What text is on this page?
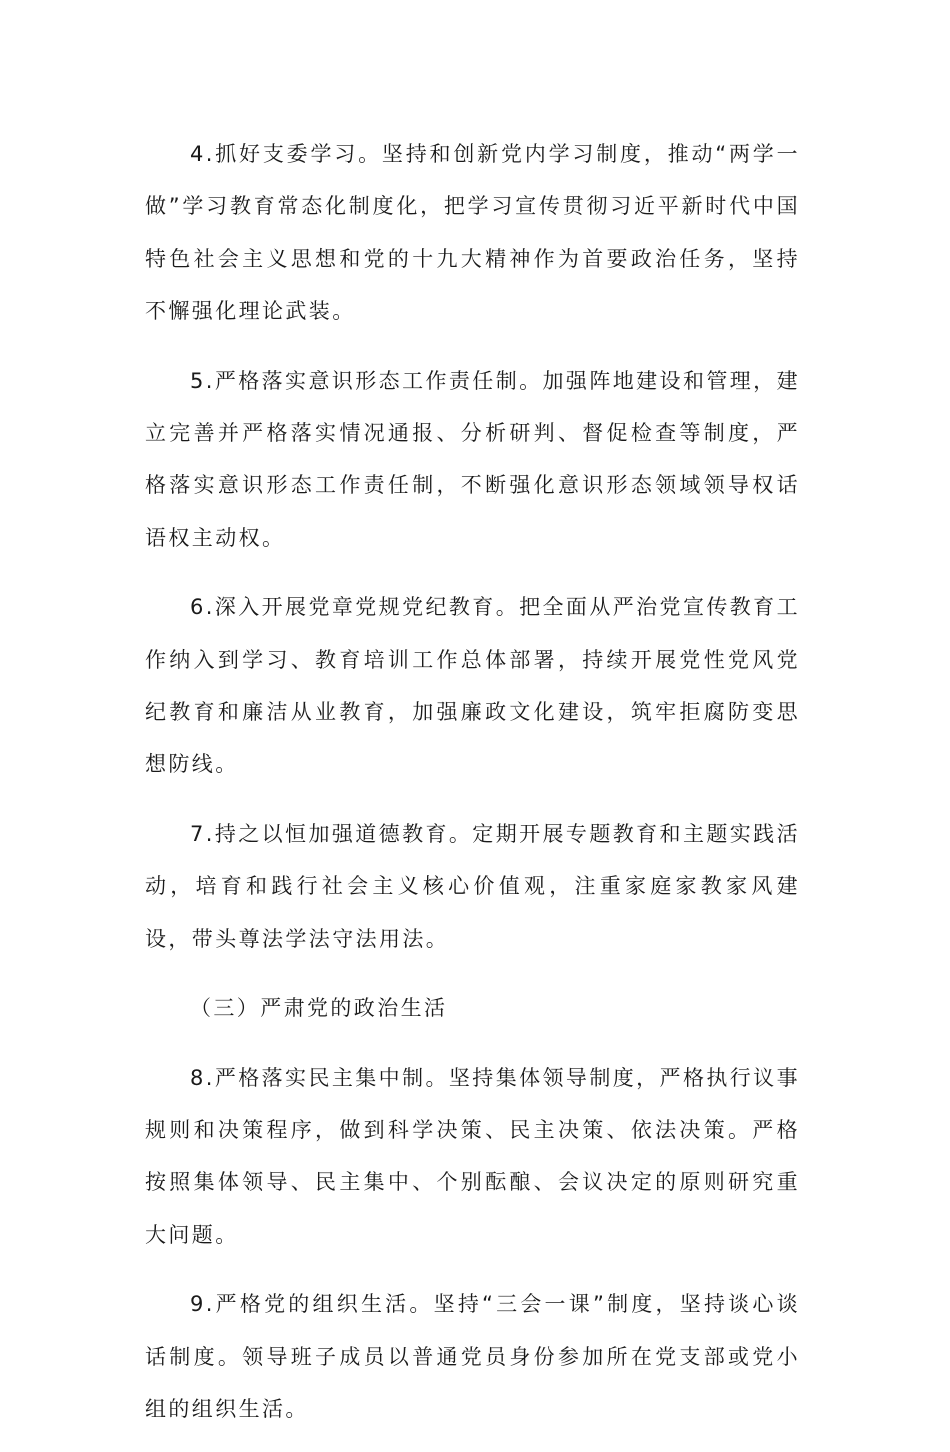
4.抓好支委学习。坚持和创新党内学习制度，推动“两学一做”学习教育常态化制度化，把学习宣传贯彻习近平新时代中国特色社会主义思想和党的十九大精神作为首要政治任务，坚持不懈强化理论武装。

5.严格落实意识形态工作责任制。加强阵地建设和管理，建立完善并严格落实情况通报、分析研判、督促检查等制度，严格落实意识形态工作责任制，不断强化意识形态领域领导权话语权主动权。

6.深入开展党章党规党纪教育。把全面从严治党宣传教育工作纳入到学习、教育培训工作总体部署，持续开展党性党风党纪教育和廉洁从业教育，加强廉政文化建设，筑牢拒腐防变思想防线。

7.持之以恒加强道德教育。定期开展专题教育和主题实践活动，培育和践行社会主义核心价值观，注重家庭家教家风建设，带头尊法学法守法用法。

（三）严肃党的政治生活

8.严格落实民主集中制。坚持集体领导制度，严格执行议事规则和决策程序，做到科学决策、民主决策、依法决策。严格按照集体领导、民主集中、个别酝酿、会议决定的原则研究重大问题。

9.严格党的组织生活。坚持“三会一课”制度，坚持谈心谈话制度。领导班子成员以普通党员身份参加所在党支部或党小组的组织生活。
